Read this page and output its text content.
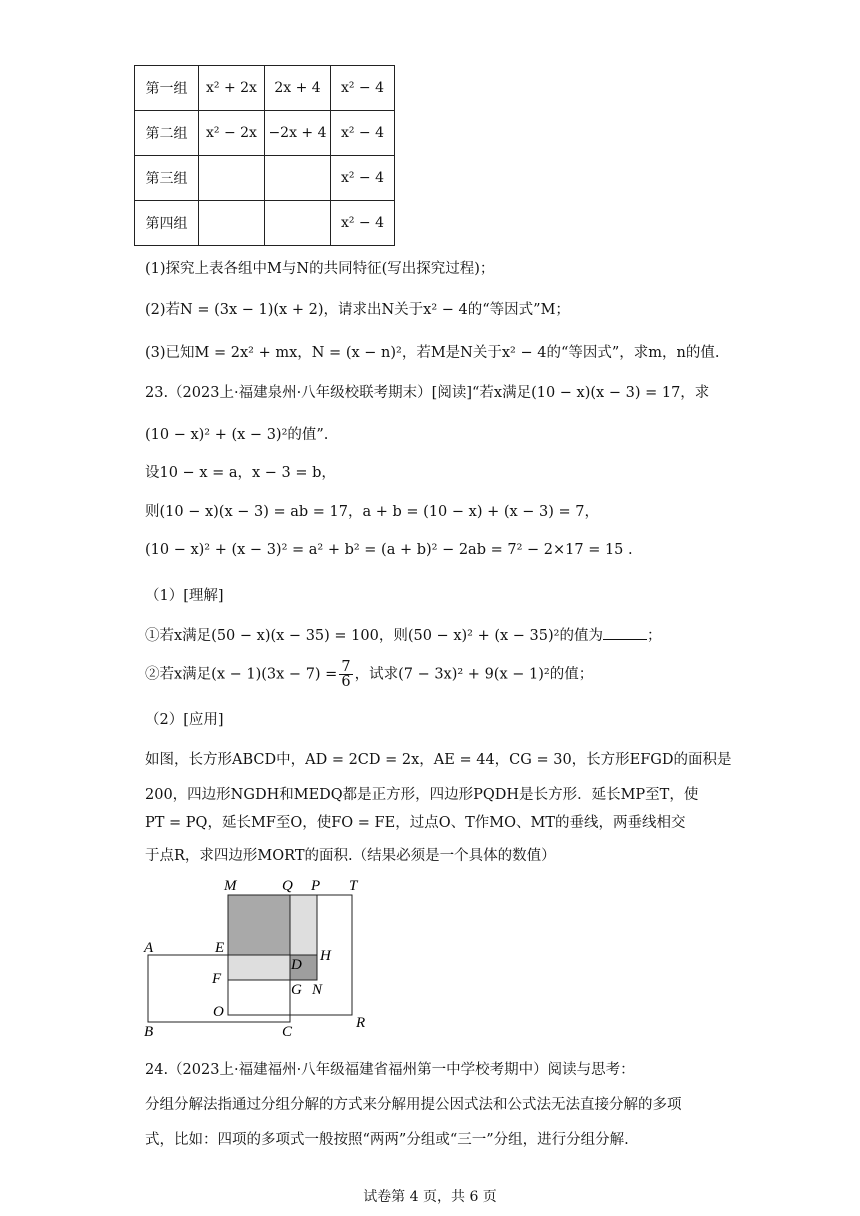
第一组	x² + 2x	2x + 4	x² − 4
第二组	x² − 2x	−2x + 4	x² − 4
第三组			x² − 4
第四组			x² − 4
(1)探究上表各组中M与N的共同特征(写出探究过程)；
(2)若N = (3x − 1)(x + 2)，请求出N关于x² − 4的“等因式”M；
(3)已知M = 2x² + mx，N = (x − n)²，若M是N关于x² − 4的“等因式”，求m，n的值.
23.（2023上·福建泉州·八年级校联考期末）[阅读]“若x满足(10 − x)(x − 3) = 17，求
(10 − x)² + (x − 3)²的值”.
设10 − x = a，x − 3 = b，
则(10 − x)(x − 3) = ab = 17，a + b = (10 − x) + (x − 3) = 7，
(10 − x)² + (x − 3)² = a² + b² = (a + b)² − 2ab = 7² − 2×17 = 15 .
（1）[理解]
①若x满足(50 − x)(x − 35) = 100，则(50 − x)² + (x − 35)²的值为	；
②若x满足$(x - 1)(3x - 7) = \frac{7}{6}$ ，试求(7 − 3x)² + 9(x − 1)²的值；
（2）[应用]
如图，长方形ABCD中，AD = 2CD = 2x，AE = 44，CG = 30，长方形EFGD的面积是
200，四边形NGDH和MEDQ都是正方形，四边形PQDH是长方形．延长MP至T，使
PT = PQ，延长MF至O，使FO = FE，过点O、T作MO、MT的垂线，两垂线相交
于点R，求四边形MORT的面积.（结果必须是一个具体的数值）
M	Q P T
A	E	H
D
F
G N
O
B	C
R
24.（2023上·福建福州·八年级福建省福州第一中学校考期中）阅读与思考：
分组分解法指通过分组分解的方式来分解用提公因式法和公式法无法直接分解的多项
式，比如：四项的多项式一般按照“两两”分组或“三一”分组，进行分组分解.
试卷第 4 页，共 6 页
